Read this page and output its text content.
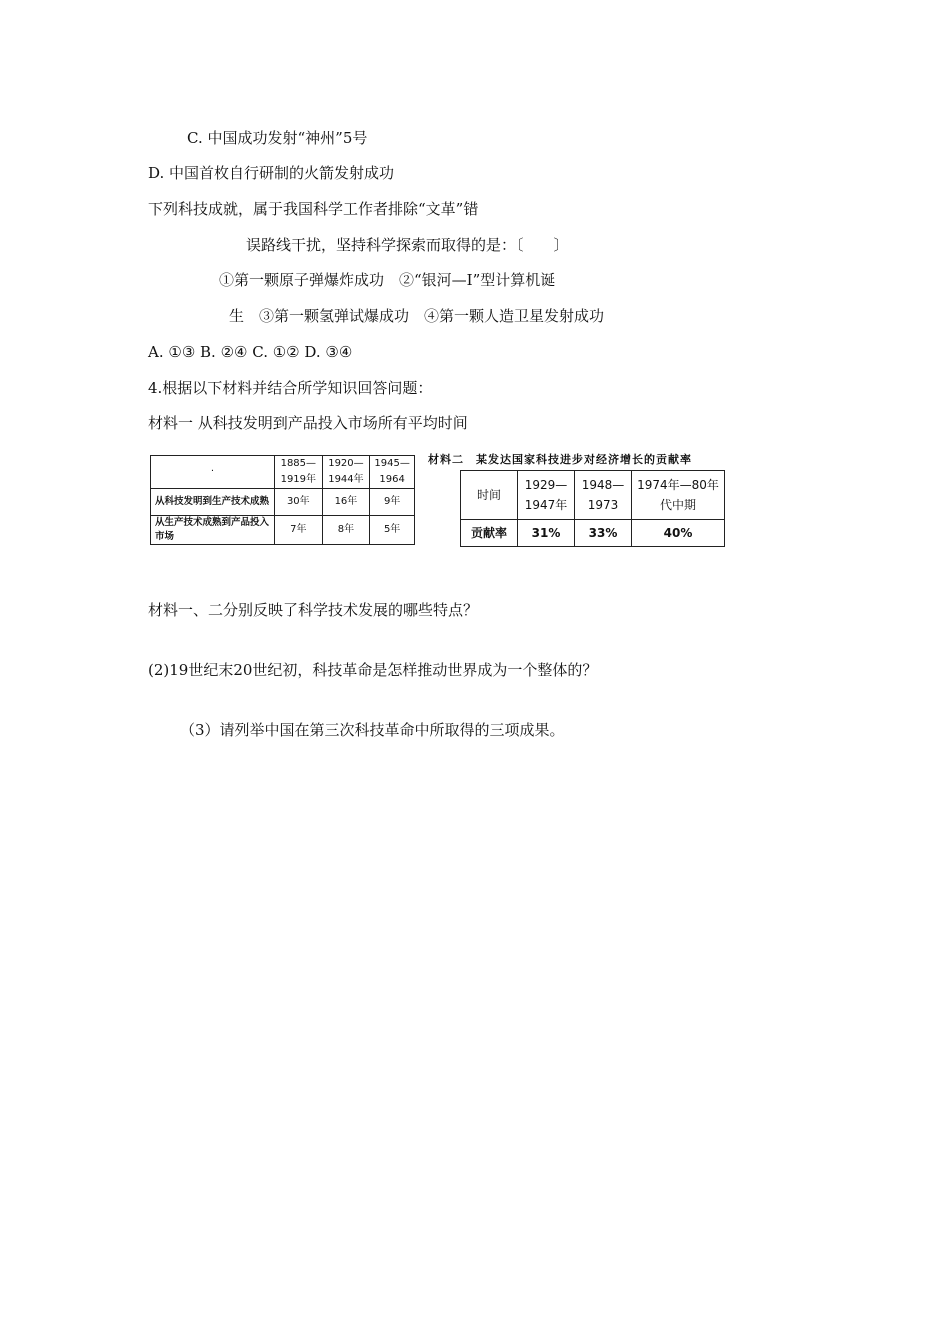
C. 中国成功发射“神州”5号
D. 中国首枚自行研制的火箭发射成功
下列科技成就，属于我国科学工作者排除“文革”错
误路线干扰，坚持科学探索而取得的是：〔　　〕
①第一颗原子弹爆炸成功　②“银河—Ⅰ”型计算机诞
生　③第一颗氢弹试爆成功　④第一颗人造卫星发射成功
A. ①③ B. ②④ C. ①② D. ③④
4.根据以下材料并结合所学知识回答问题：
材料一 从科技发明到产品投入市场所有平均时间
·	1885—1919年	1920—1944年	1945—1964
从科技发明到生产技术成熟	30年	16年	9年
从生产技术成熟到产品投入市场	7年	8年	5年
材料二　某发达国家科技进步对经济增长的贡献率
时间	1929—1947年	1948—1973	1974年—80年代中期
贡献率	31%	33%	40%
材料一、二分别反映了科学技术发展的哪些特点？
(2)19世纪末20世纪初，科技革命是怎样推动世界成为一个整体的？
（3）请列举中国在第三次科技革命中所取得的三项成果。
